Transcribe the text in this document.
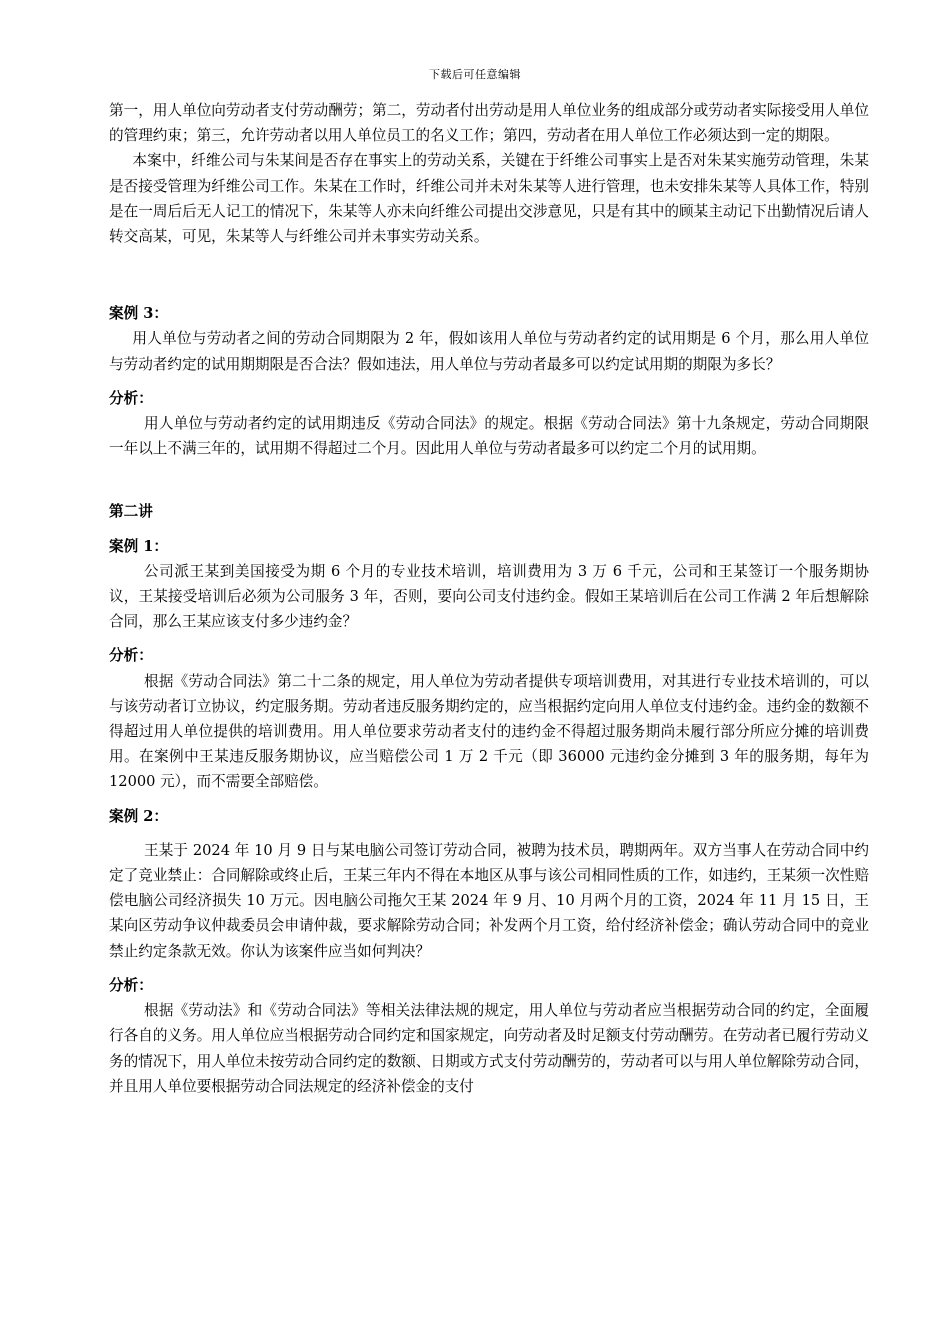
下载后可任意编辑

第一，用人单位向劳动者支付劳动酬劳；第二，劳动者付出劳动是用人单位业务的组成部分或劳动者实际接受用人单位的管理约束；第三，允许劳动者以用人单位员工的名义工作；第四，劳动者在用人单位工作必须达到一定的期限。

本案中，纤维公司与朱某间是否存在事实上的劳动关系，关键在于纤维公司事实上是否对朱某实施劳动管理，朱某是否接受管理为纤维公司工作。朱某在工作时，纤维公司并未对朱某等人进行管理，也未安排朱某等人具体工作，特别是在一周后后无人记工的情况下，朱某等人亦未向纤维公司提出交涉意见，只是有其中的顾某主动记下出勤情况后请人转交高某，可见，朱某等人与纤维公司并未事实劳动关系。

案例 3：

用人单位与劳动者之间的劳动合同期限为 2 年，假如该用人单位与劳动者约定的试用期是 6 个月，那么用人单位与劳动者约定的试用期期限是否合法？假如违法，用人单位与劳动者最多可以约定试用期的期限为多长？

分析：

用人单位与劳动者约定的试用期违反《劳动合同法》的规定。根据《劳动合同法》第十九条规定，劳动合同期限一年以上不满三年的，试用期不得超过二个月。因此用人单位与劳动者最多可以约定二个月的试用期。

第二讲

案例 1：

公司派王某到美国接受为期 6 个月的专业技术培训，培训费用为 3 万 6 千元，公司和王某签订一个服务期协议，王某接受培训后必须为公司服务 3 年，否则，要向公司支付违约金。假如王某培训后在公司工作满 2 年后想解除合同，那么王某应该支付多少违约金？

分析：

根据《劳动合同法》第二十二条的规定，用人单位为劳动者提供专项培训费用，对其进行专业技术培训的，可以与该劳动者订立协议，约定服务期。劳动者违反服务期约定的，应当根据约定向用人单位支付违约金。违约金的数额不得超过用人单位提供的培训费用。用人单位要求劳动者支付的违约金不得超过服务期尚未履行部分所应分摊的培训费用。在案例中王某违反服务期协议，应当赔偿公司 1 万 2 千元（即 36000 元违约金分摊到 3 年的服务期，每年为 12000 元），而不需要全部赔偿。

案例 2：

王某于 2024 年 10 月 9 日与某电脑公司签订劳动合同，被聘为技术员，聘期两年。双方当事人在劳动合同中约定了竞业禁止：合同解除或终止后，王某三年内不得在本地区从事与该公司相同性质的工作，如违约，王某须一次性赔偿电脑公司经济损失 10 万元。因电脑公司拖欠王某 2024 年 9 月、10 月两个月的工资，2024 年 11 月 15 日，王某向区劳动争议仲裁委员会申请仲裁，要求解除劳动合同；补发两个月工资，给付经济补偿金；确认劳动合同中的竞业禁止约定条款无效。你认为该案件应当如何判决？

分析：

根据《劳动法》和《劳动合同法》等相关法律法规的规定，用人单位与劳动者应当根据劳动合同的约定，全面履行各自的义务。用人单位应当根据劳动合同约定和国家规定，向劳动者及时足额支付劳动酬劳。在劳动者已履行劳动义务的情况下，用人单位未按劳动合同约定的数额、日期或方式支付劳动酬劳的，劳动者可以与用人单位解除劳动合同，并且用人单位要根据劳动合同法规定的经济补偿金的支付
